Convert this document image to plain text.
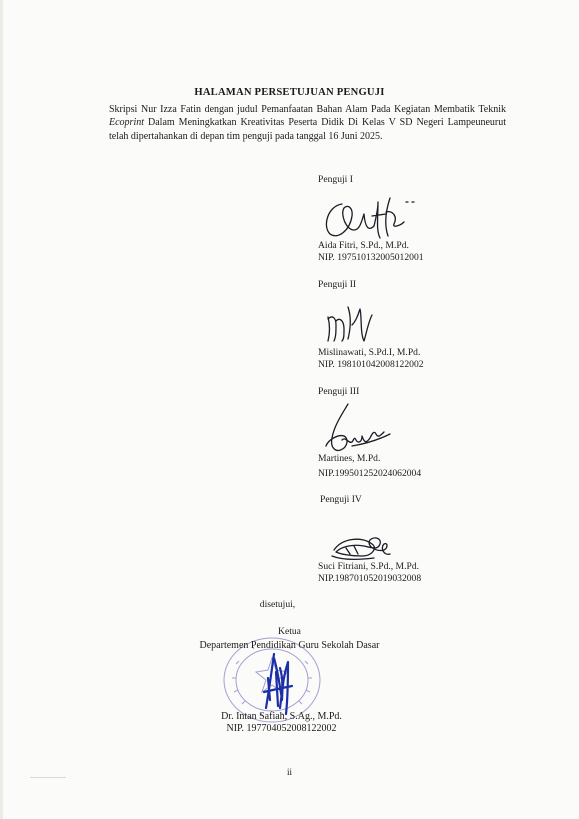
HALAMAN PERSETUJUAN PENGUJI
Skripsi Nur Izza Fatin dengan judul Pemanfaatan Bahan Alam Pada Kegiatan Membatik Teknik Ecoprint Dalam Meningkatkan Kreativitas Peserta Didik Di Kelas V SD Negeri Lampeuneurut telah dipertahankan di depan tim penguji pada tanggal 16 Juni 2025.
Penguji I
Aida Fitri, S.Pd., M.Pd.
NIP. 197510132005012001
Penguji II
Mislinawati, S.Pd.I, M.Pd.
NIP. 198101042008122002
Penguji III
Martines, M.Pd.
NIP.199501252024062004
Penguji IV
Suci Fitriani, S.Pd., M.Pd.
NIP.198701052019032008
disetujui,
Ketua
Departemen Pendidikan Guru Sekolah Dasar
Dr. Intan Safiah, S.Ag., M.Pd.
NIP. 197704052008122002
ii
